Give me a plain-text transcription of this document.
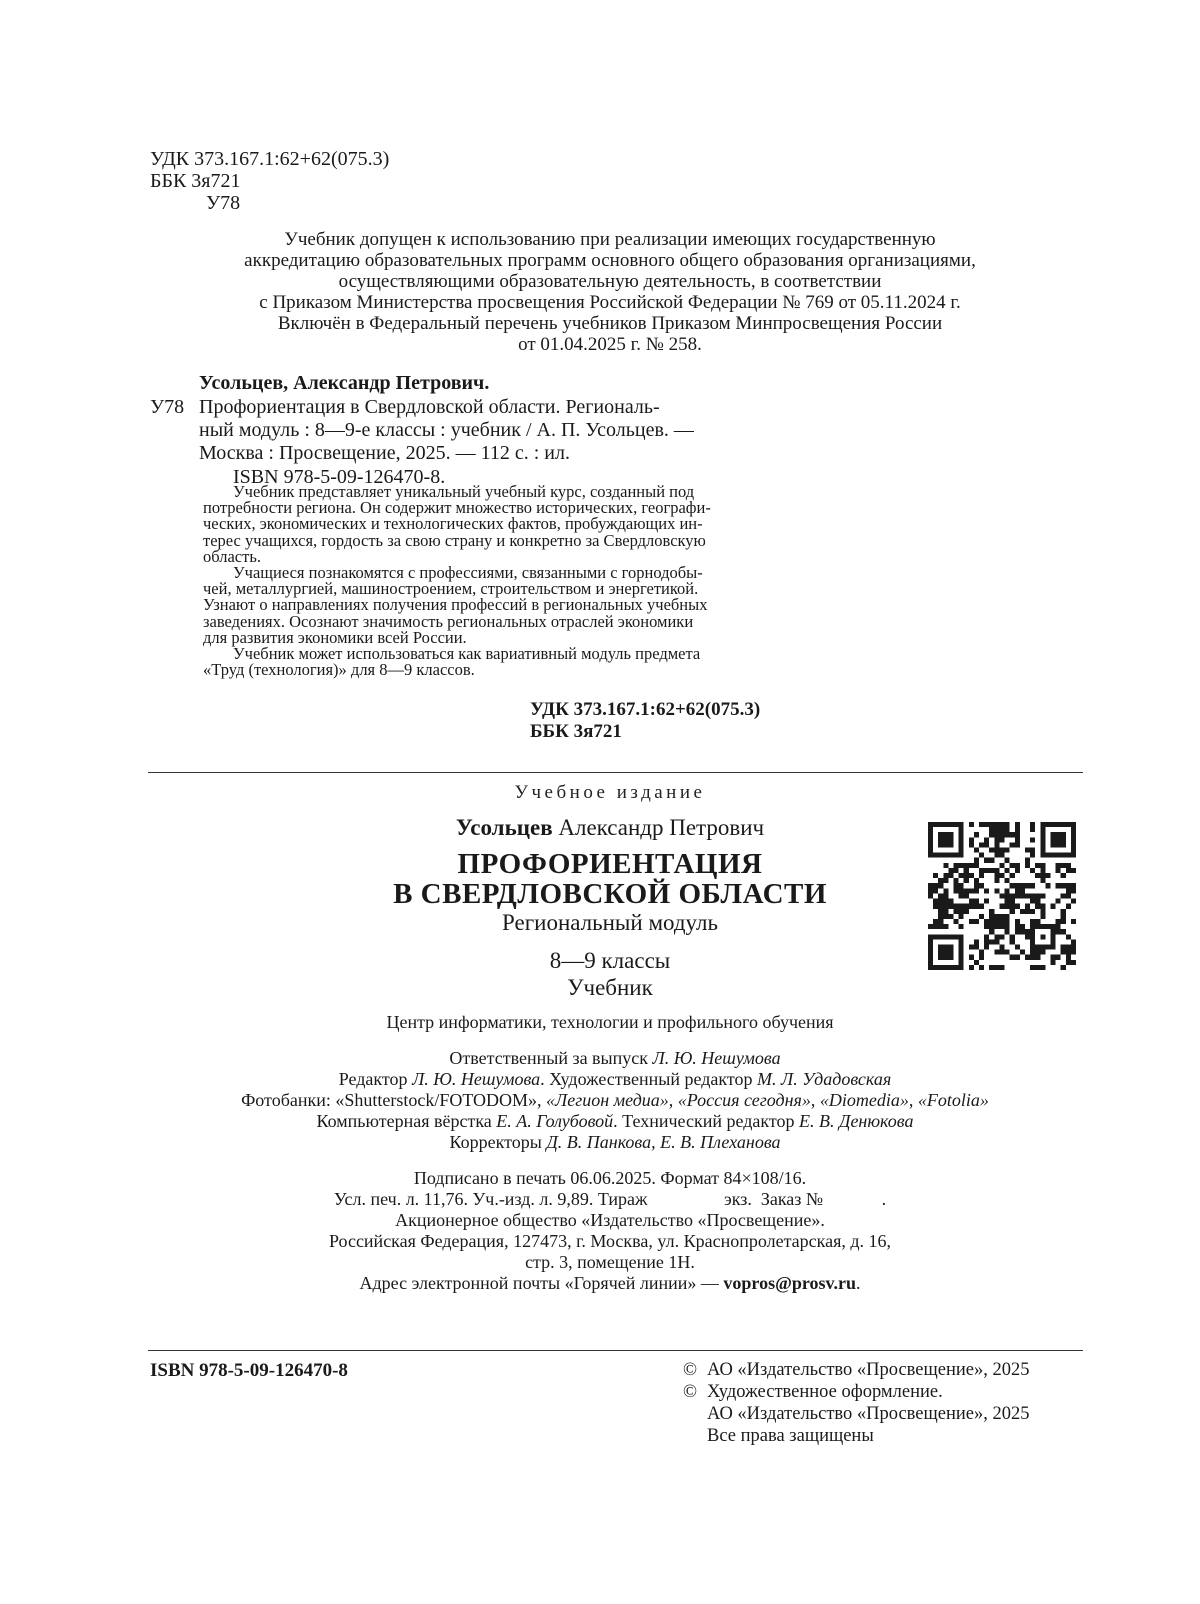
УДК 373.167.1:62+62(075.3)
ББК 3я721
У78
Учебник допущен к использованию при реализации имеющих государственную
аккредитацию образовательных программ основного общего образования организациями,
осуществляющими образовательную деятельность, в соответствии
с Приказом Министерства просвещения Российской Федерации № 769 от 05.11.2024 г.
Включён в Федеральный перечень учебников Приказом Минпросвещения России
от 01.04.2025 г. № 258.
Усольцев, Александр Петрович.
У78 Профориентация в Свердловской области. Региональ-
ный модуль : 8—9-е классы : учебник / А. П. Усольцев. —
Москва : Просвещение, 2025. — 112 с. : ил.
ISBN 978-5-09-126470-8.
Учебник представляет уникальный учебный курс, созданный под
потребности региона. Он содержит множество исторических, географи-
ческих, экономических и технологических фактов, пробуждающих ин-
терес учащихся, гордость за свою страну и конкретно за Свердловскую
область.
Учащиеся познакомятся с профессиями, связанными с горнодобы-
чей, металлургией, машиностроением, строительством и энергетикой.
Узнают о направлениях получения профессий в региональных учебных
заведениях. Осознают значимость региональных отраслей экономики
для развития экономики всей России.
Учебник может использоваться как вариативный модуль предмета
«Труд (технология)» для 8—9 классов.
УДК 373.167.1:62+62(075.3)
ББК 3я721
Учебное издание
Усольцев Александр Петрович
ПРОФОРИЕНТАЦИЯ
В СВЕРДЛОВСКОЙ ОБЛАСТИ
Региональный модуль
8—9 классы
Учебник
Центр информатики, технологии и профильного обучения
Ответственный за выпуск Л. Ю. Нешумова
Редактор Л. Ю. Нешумова. Художественный редактор М. Л. Удадовская
Фотобанки: «Shutterstock/FOTODOM», «Легион медиа», «Россия сегодня», «Diomedia», «Fotolia»
Компьютерная вёрстка Е. А. Голубовой. Технический редактор Е. В. Денюкова
Корректоры Д. В. Панкова, Е. В. Плеханова
Подписано в печать 06.06.2025. Формат 84×108/16.
Усл. печ. л. 11,76. Уч.-изд. л. 9,89. Тираж                 экз.  Заказ №             .
Акционерное общество «Издательство «Просвещение».
Российская Федерация, 127473, г. Москва, ул. Краснопролетарская, д. 16,
стр. 3, помещение 1Н.
Адрес электронной почты «Горячей линии» — vopros@prosv.ru.
ISBN 978-5-09-126470-8	© АО «Издательство «Просвещение», 2025
© Художественное оформление.
АО «Издательство «Просвещение», 2025
Все права защищены
